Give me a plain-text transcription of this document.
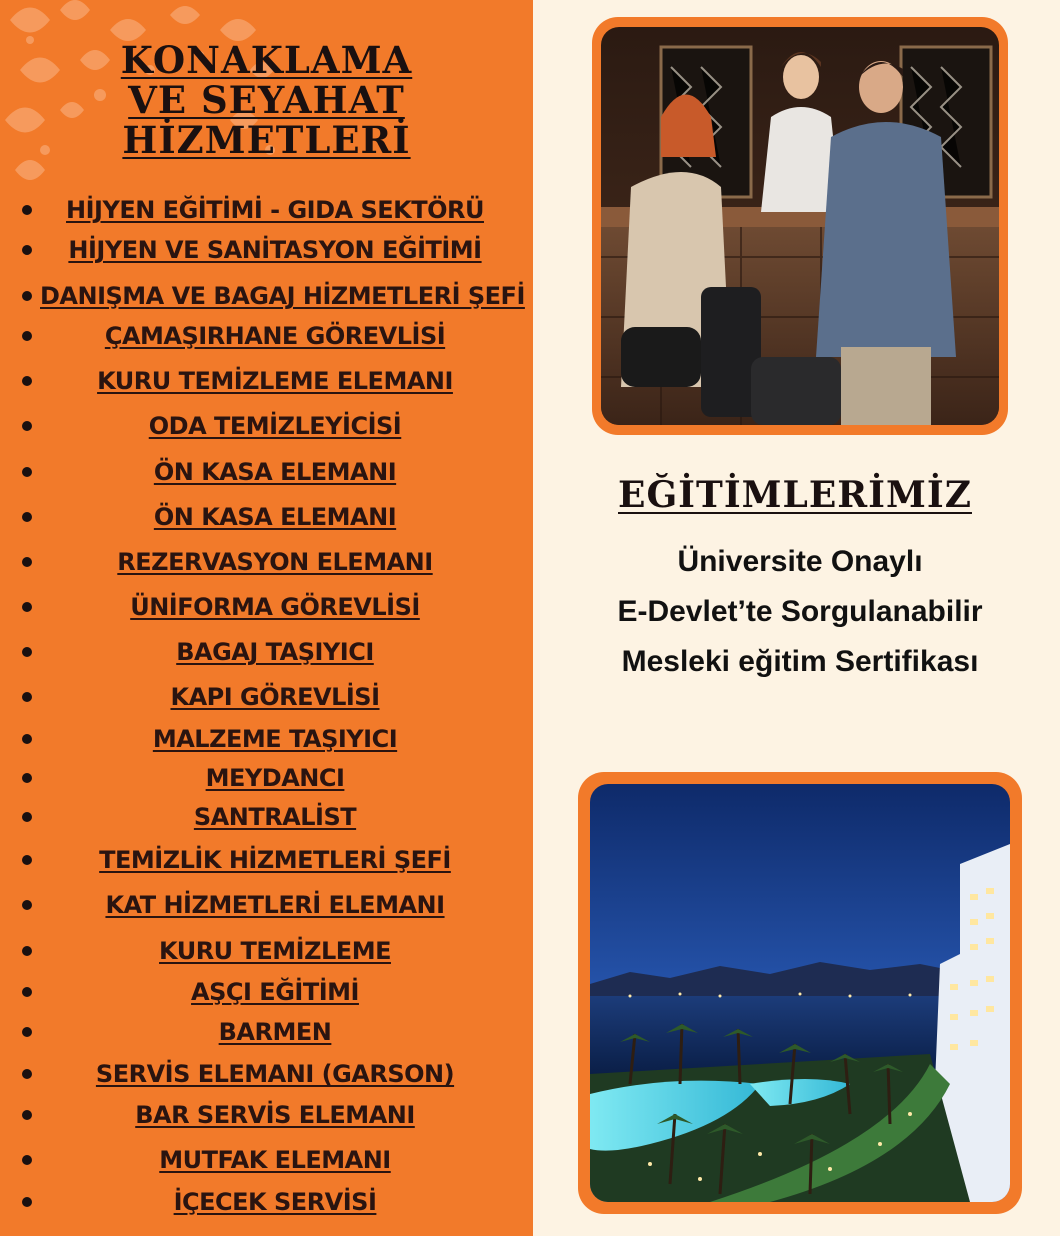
KONAKLAMA
VE SEYAHAT
HİZMETLERİ
HİJYEN EĞİTİMİ - GIDA SEKTÖRÜ
HİJYEN VE SANİTASYON EĞİTİMİ
DANIŞMA VE BAGAJ HİZMETLERİ ŞEFİ
ÇAMAŞIRHANE GÖREVLİSİ
KURU TEMİZLEME ELEMANI
ODA TEMİZLEYİCİSİ
ÖN KASA ELEMANI
ÖN KASA ELEMANI
REZERVASYON ELEMANI
ÜNİFORMA GÖREVLİSİ
BAGAJ TAŞIYICI
KAPI GÖREVLİSİ
MALZEME TAŞIYICI
MEYDANCI
SANTRALİST
TEMİZLİK HİZMETLERİ ŞEFİ
KAT HİZMETLERİ ELEMANI
KURU TEMİZLEME
AŞÇI EĞİTİMİ
BARMEN
SERVİS ELEMANI (GARSON)
BAR SERVİS ELEMANI
MUTFAK ELEMANI
İÇECEK SERVİSİ
EĞİTİMLERİMİZ
Üniversite Onaylı
E-Devlet’te Sorgulanabilir
Mesleki eğitim Sertifikası
